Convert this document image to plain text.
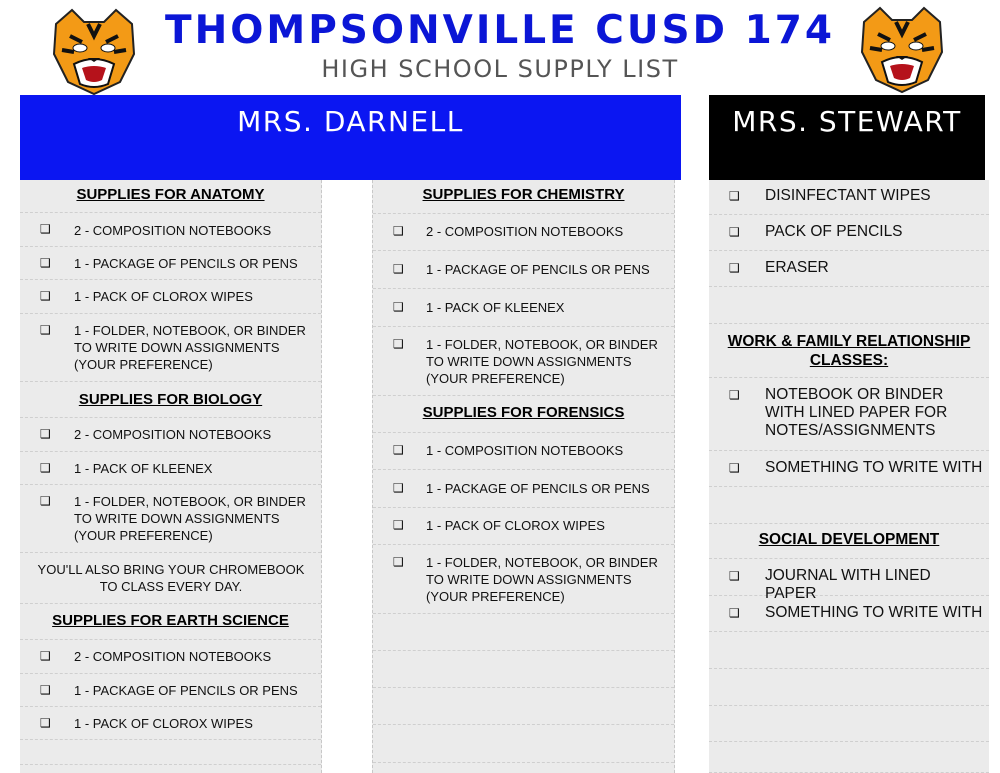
THOMPSONVILLE CUSD 174
HIGH SCHOOL SUPPLY LIST
MRS. DARNELL	MRS. STEWART
SUPPLIES FOR ANATOMY
❑ 2 - COMPOSITION NOTEBOOKS
❑ 1 - PACKAGE OF PENCILS OR PENS
❑ 1 - PACK OF CLOROX WIPES
❑ 1 - FOLDER, NOTEBOOK, OR BINDER TO WRITE DOWN ASSIGNMENTS (YOUR PREFERENCE)
SUPPLIES FOR BIOLOGY
❑ 2 - COMPOSITION NOTEBOOKS
❑ 1 - PACK OF KLEENEX
❑ 1 - FOLDER, NOTEBOOK, OR BINDER TO WRITE DOWN ASSIGNMENTS (YOUR PREFERENCE)
YOU'LL ALSO BRING YOUR CHROMEBOOK TO CLASS EVERY DAY.
SUPPLIES FOR EARTH SCIENCE
❑ 2 - COMPOSITION NOTEBOOKS
❑ 1 - PACKAGE OF PENCILS OR PENS
❑ 1 - PACK OF CLOROX WIPES
SUPPLIES FOR CHEMISTRY
❑ 2 - COMPOSITION NOTEBOOKS
❑ 1 - PACKAGE OF PENCILS OR PENS
❑ 1 - PACK OF KLEENEX
❑ 1 - FOLDER, NOTEBOOK, OR BINDER TO WRITE DOWN ASSIGNMENTS (YOUR PREFERENCE)
SUPPLIES FOR FORENSICS
❑ 1 - COMPOSITION NOTEBOOKS
❑ 1 - PACKAGE OF PENCILS OR PENS
❑ 1 - PACK OF CLOROX WIPES
❑ 1 - FOLDER, NOTEBOOK, OR BINDER TO WRITE DOWN ASSIGNMENTS (YOUR PREFERENCE)
❑ DISINFECTANT WIPES
❑ PACK OF PENCILS
❑ ERASER
WORK & FAMILY RELATIONSHIP CLASSES:
❑ NOTEBOOK OR BINDER WITH LINED PAPER FOR NOTES/ASSIGNMENTS
❑ SOMETHING TO WRITE WITH
SOCIAL DEVELOPMENT
❑ JOURNAL WITH LINED PAPER
❑ SOMETHING TO WRITE WITH
